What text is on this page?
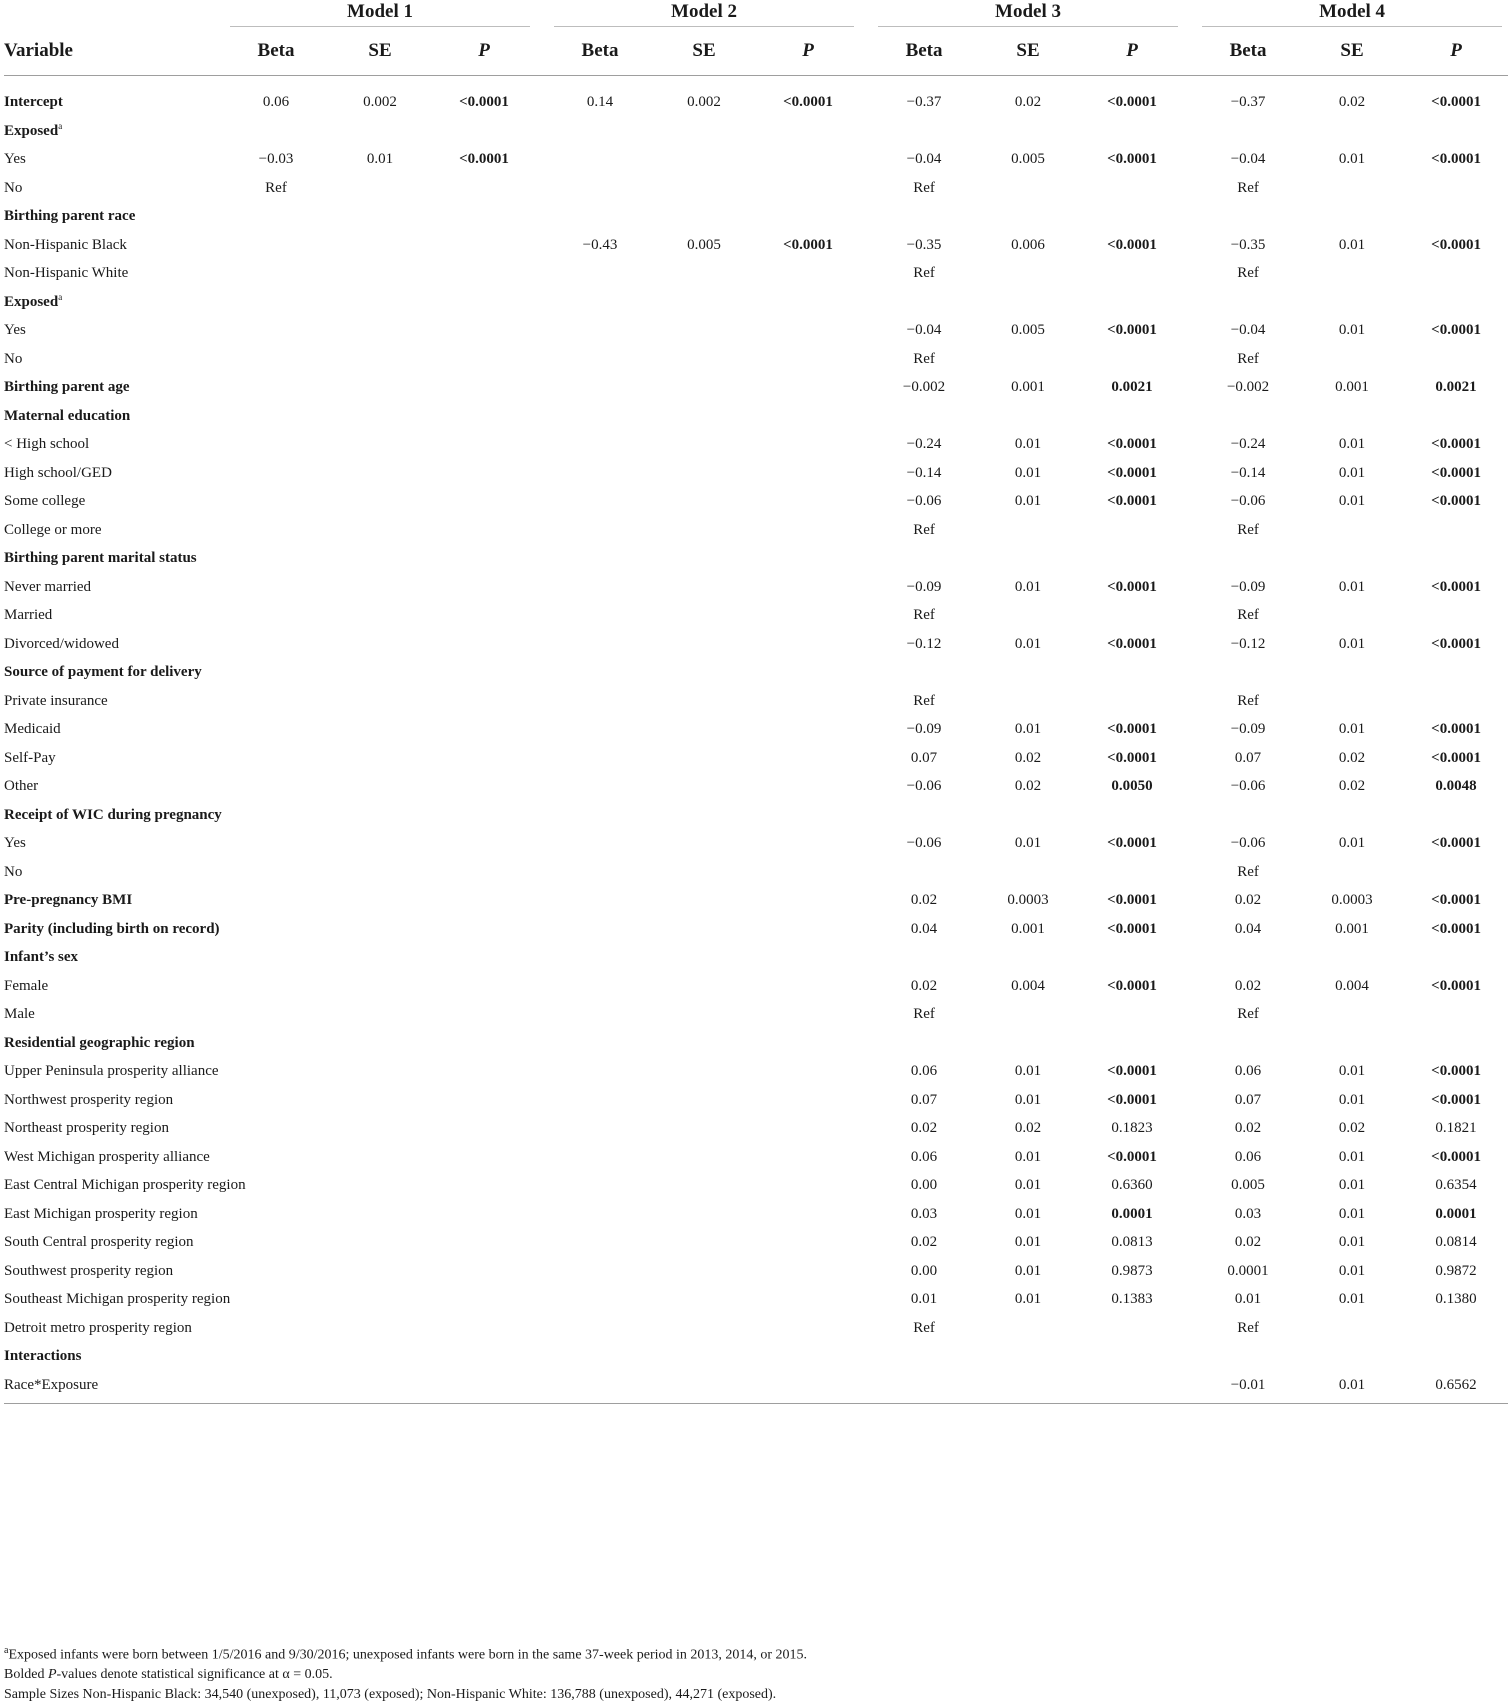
	Model 1				Model 2				Model 3				Model 4		

Variable	Beta	SE	P		Beta	SE	P		Beta	SE	P		Beta	SE	P

Intercept	0.06	0.002	<0.0001		0.14	0.002	<0.0001		−0.37	0.02	<0.0001		−0.37	0.02	<0.0001
Exposed$^a$															
Yes	−0.03	0.01	<0.0001						−0.04	0.005	<0.0001		−0.04	0.01	<0.0001
No	Ref								Ref				Ref		
Birthing parent race															
Non-Hispanic Black					−0.43	0.005	<0.0001		−0.35	0.006	<0.0001		−0.35	0.01	<0.0001
Non-Hispanic White									Ref				Ref		
Exposed$^a$															
Yes									−0.04	0.005	<0.0001		−0.04	0.01	<0.0001
No									Ref				Ref		
Birthing parent age									−0.002	0.001	0.0021		−0.002	0.001	0.0021
Maternal education															
< High school									−0.24	0.01	<0.0001		−0.24	0.01	<0.0001
High school/GED									−0.14	0.01	<0.0001		−0.14	0.01	<0.0001
Some college									−0.06	0.01	<0.0001		−0.06	0.01	<0.0001
College or more									Ref				Ref		
Birthing parent marital status															
Never married									−0.09	0.01	<0.0001		−0.09	0.01	<0.0001
Married									Ref				Ref		
Divorced/widowed									−0.12	0.01	<0.0001		−0.12	0.01	<0.0001
Source of payment for delivery															
Private insurance									Ref				Ref		
Medicaid									−0.09	0.01	<0.0001		−0.09	0.01	<0.0001
Self-Pay									0.07	0.02	<0.0001		0.07	0.02	<0.0001
Other									−0.06	0.02	0.0050		−0.06	0.02	0.0048
Receipt of WIC during pregnancy															
Yes									−0.06	0.01	<0.0001		−0.06	0.01	<0.0001
No													Ref		
Pre-pregnancy BMI									0.02	0.0003	<0.0001		0.02	0.0003	<0.0001
Parity (including birth on record)									0.04	0.001	<0.0001		0.04	0.001	<0.0001
Infant’s sex															
Female									0.02	0.004	<0.0001		0.02	0.004	<0.0001
Male									Ref				Ref		
Residential geographic region															
Upper Peninsula prosperity alliance									0.06	0.01	<0.0001		0.06	0.01	<0.0001
Northwest prosperity region									0.07	0.01	<0.0001		0.07	0.01	<0.0001
Northeast prosperity region									0.02	0.02	0.1823		0.02	0.02	0.1821
West Michigan prosperity alliance									0.06	0.01	<0.0001		0.06	0.01	<0.0001
East Central Michigan prosperity region									0.00	0.01	0.6360		0.005	0.01	0.6354
East Michigan prosperity region									0.03	0.01	0.0001		0.03	0.01	0.0001
South Central prosperity region									0.02	0.01	0.0813		0.02	0.01	0.0814
Southwest prosperity region									0.00	0.01	0.9873		0.0001	0.01	0.9872
Southeast Michigan prosperity region									0.01	0.01	0.1383		0.01	0.01	0.1380
Detroit metro prosperity region									Ref				Ref		
Interactions															
Race*Exposure													−0.01	0.01	0.6562

$^a$Exposed infants were born between 1/5/2016 and 9/30/2016; unexposed infants were born in the same 37-week period in 2013, 2014, or 2015.

Bolded P-values denote statistical significance at α = 0.05.

Sample Sizes Non-Hispanic Black: 34,540 (unexposed), 11,073 (exposed); Non-Hispanic White: 136,788 (unexposed), 44,271 (exposed).
